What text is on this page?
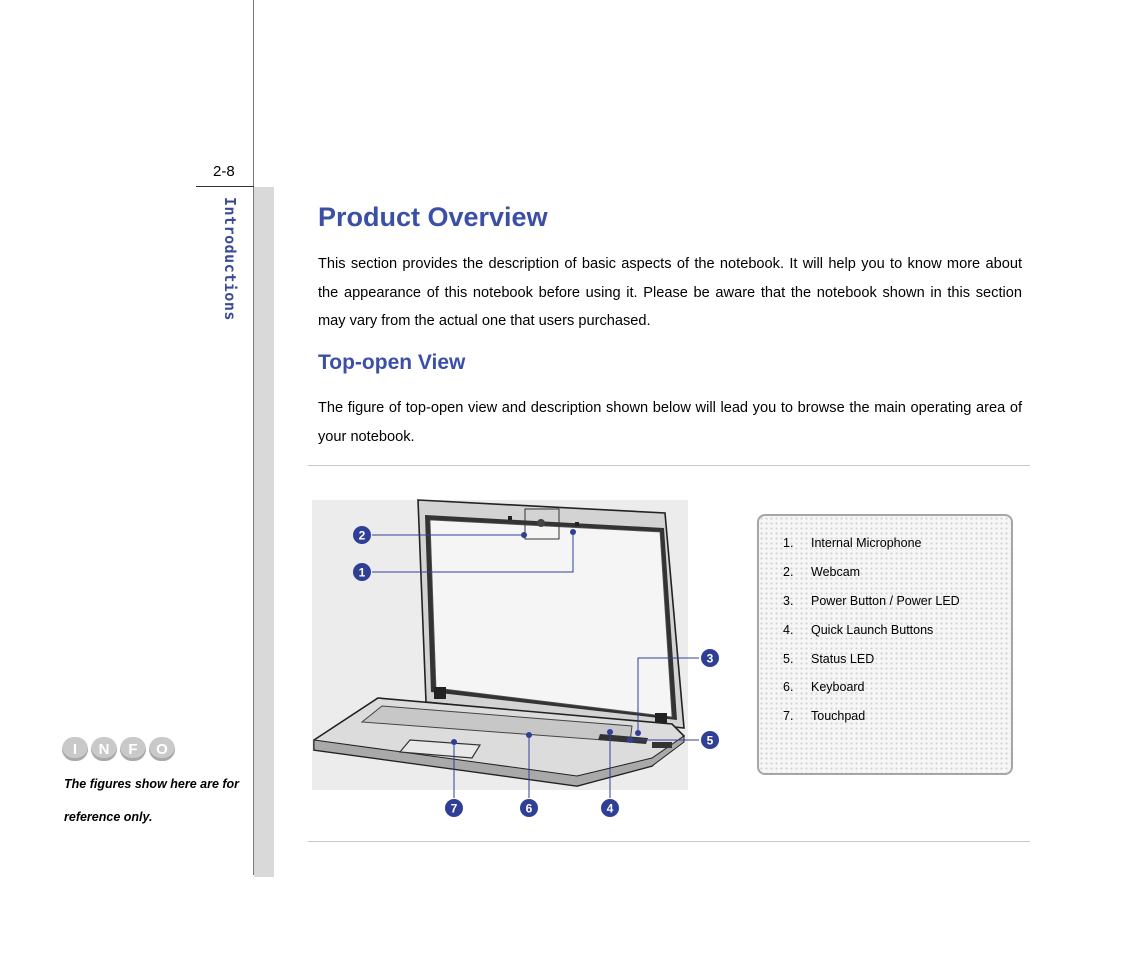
2-8
Introductions
I	N	F	O
The figures show here are for reference only.
Product Overview
This section provides the description of basic aspects of the notebook. It will help you to know more about the appearance of this notebook before using it. Please be aware that the notebook shown in this section may vary from the actual one that users purchased.
Top-open View
The figure of top-open view and description shown below will lead you to browse the main operating area of your notebook.
1
2
3
4
5
6
7
1.	Internal Microphone
2.	Webcam
3.	Power Button / Power LED
4.	Quick Launch Buttons
5.	Status LED
6.	Keyboard
7.	Touchpad
